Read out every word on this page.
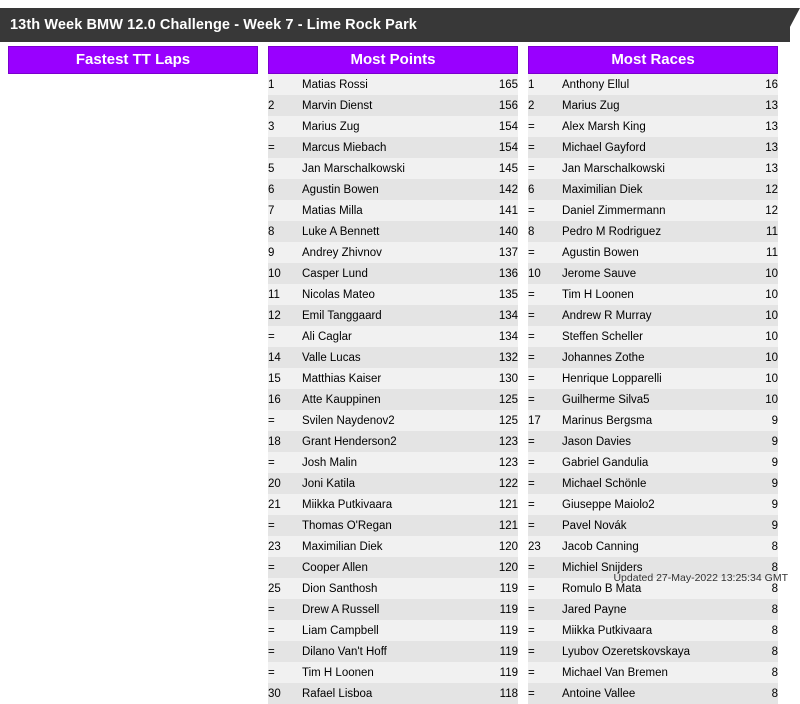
13th Week BMW 12.0 Challenge - Week 7 - Lime Rock Park
Fastest TT Laps	Most Points
1	Matias Rossi	165
2	Marvin Dienst	156
3	Marius Zug	154
=	Marcus Miebach	154
5	Jan Marschalkowski	145
6	Agustin Bowen	142
7	Matias Milla	141
8	Luke A Bennett	140
9	Andrey Zhivnov	137
10	Casper Lund	136
11	Nicolas Mateo	135
12	Emil Tanggaard	134
=	Ali Caglar	134
14	Valle Lucas	132
15	Matthias Kaiser	130
16	Atte Kauppinen	125
=	Svilen Naydenov2	125
18	Grant Henderson2	123
=	Josh Malin	123
20	Joni Katila	122
21	Miikka Putkivaara	121
=	Thomas O'Regan	121
23	Maximilian Diek	120
=	Cooper Allen	120
25	Dion Santhosh	119
=	Drew A Russell	119
=	Liam Campbell	119
=	Dilano Van't Hoff	119
=	Tim H Loonen	119
30	Rafael Lisboa	118
Most Races
1	Anthony Ellul	16
2	Marius Zug	13
=	Alex Marsh King	13
=	Michael Gayford	13
=	Jan Marschalkowski	13
6	Maximilian Diek	12
=	Daniel Zimmermann	12
8	Pedro M Rodriguez	11
=	Agustin Bowen	11
10	Jerome Sauve	10
=	Tim H Loonen	10
=	Andrew R Murray	10
=	Steffen Scheller	10
=	Johannes Zothe	10
=	Henrique Lopparelli	10
=	Guilherme Silva5	10
17	Marinus Bergsma	9
=	Jason Davies	9
=	Gabriel Gandulia	9
=	Michael Schönle	9
=	Giuseppe Maiolo2	9
=	Pavel Novák	9
23	Jacob Canning	8
=	Michiel Snijders	8
=	Romulo B Mata	8
=	Jared Payne	8
=	Miikka Putkivaara	8
=	Lyubov Ozeretskovskaya	8
=	Michael Van Bremen	8
=	Antoine Vallee	8
Updated 27-May-2022 13:25:34 GMT
